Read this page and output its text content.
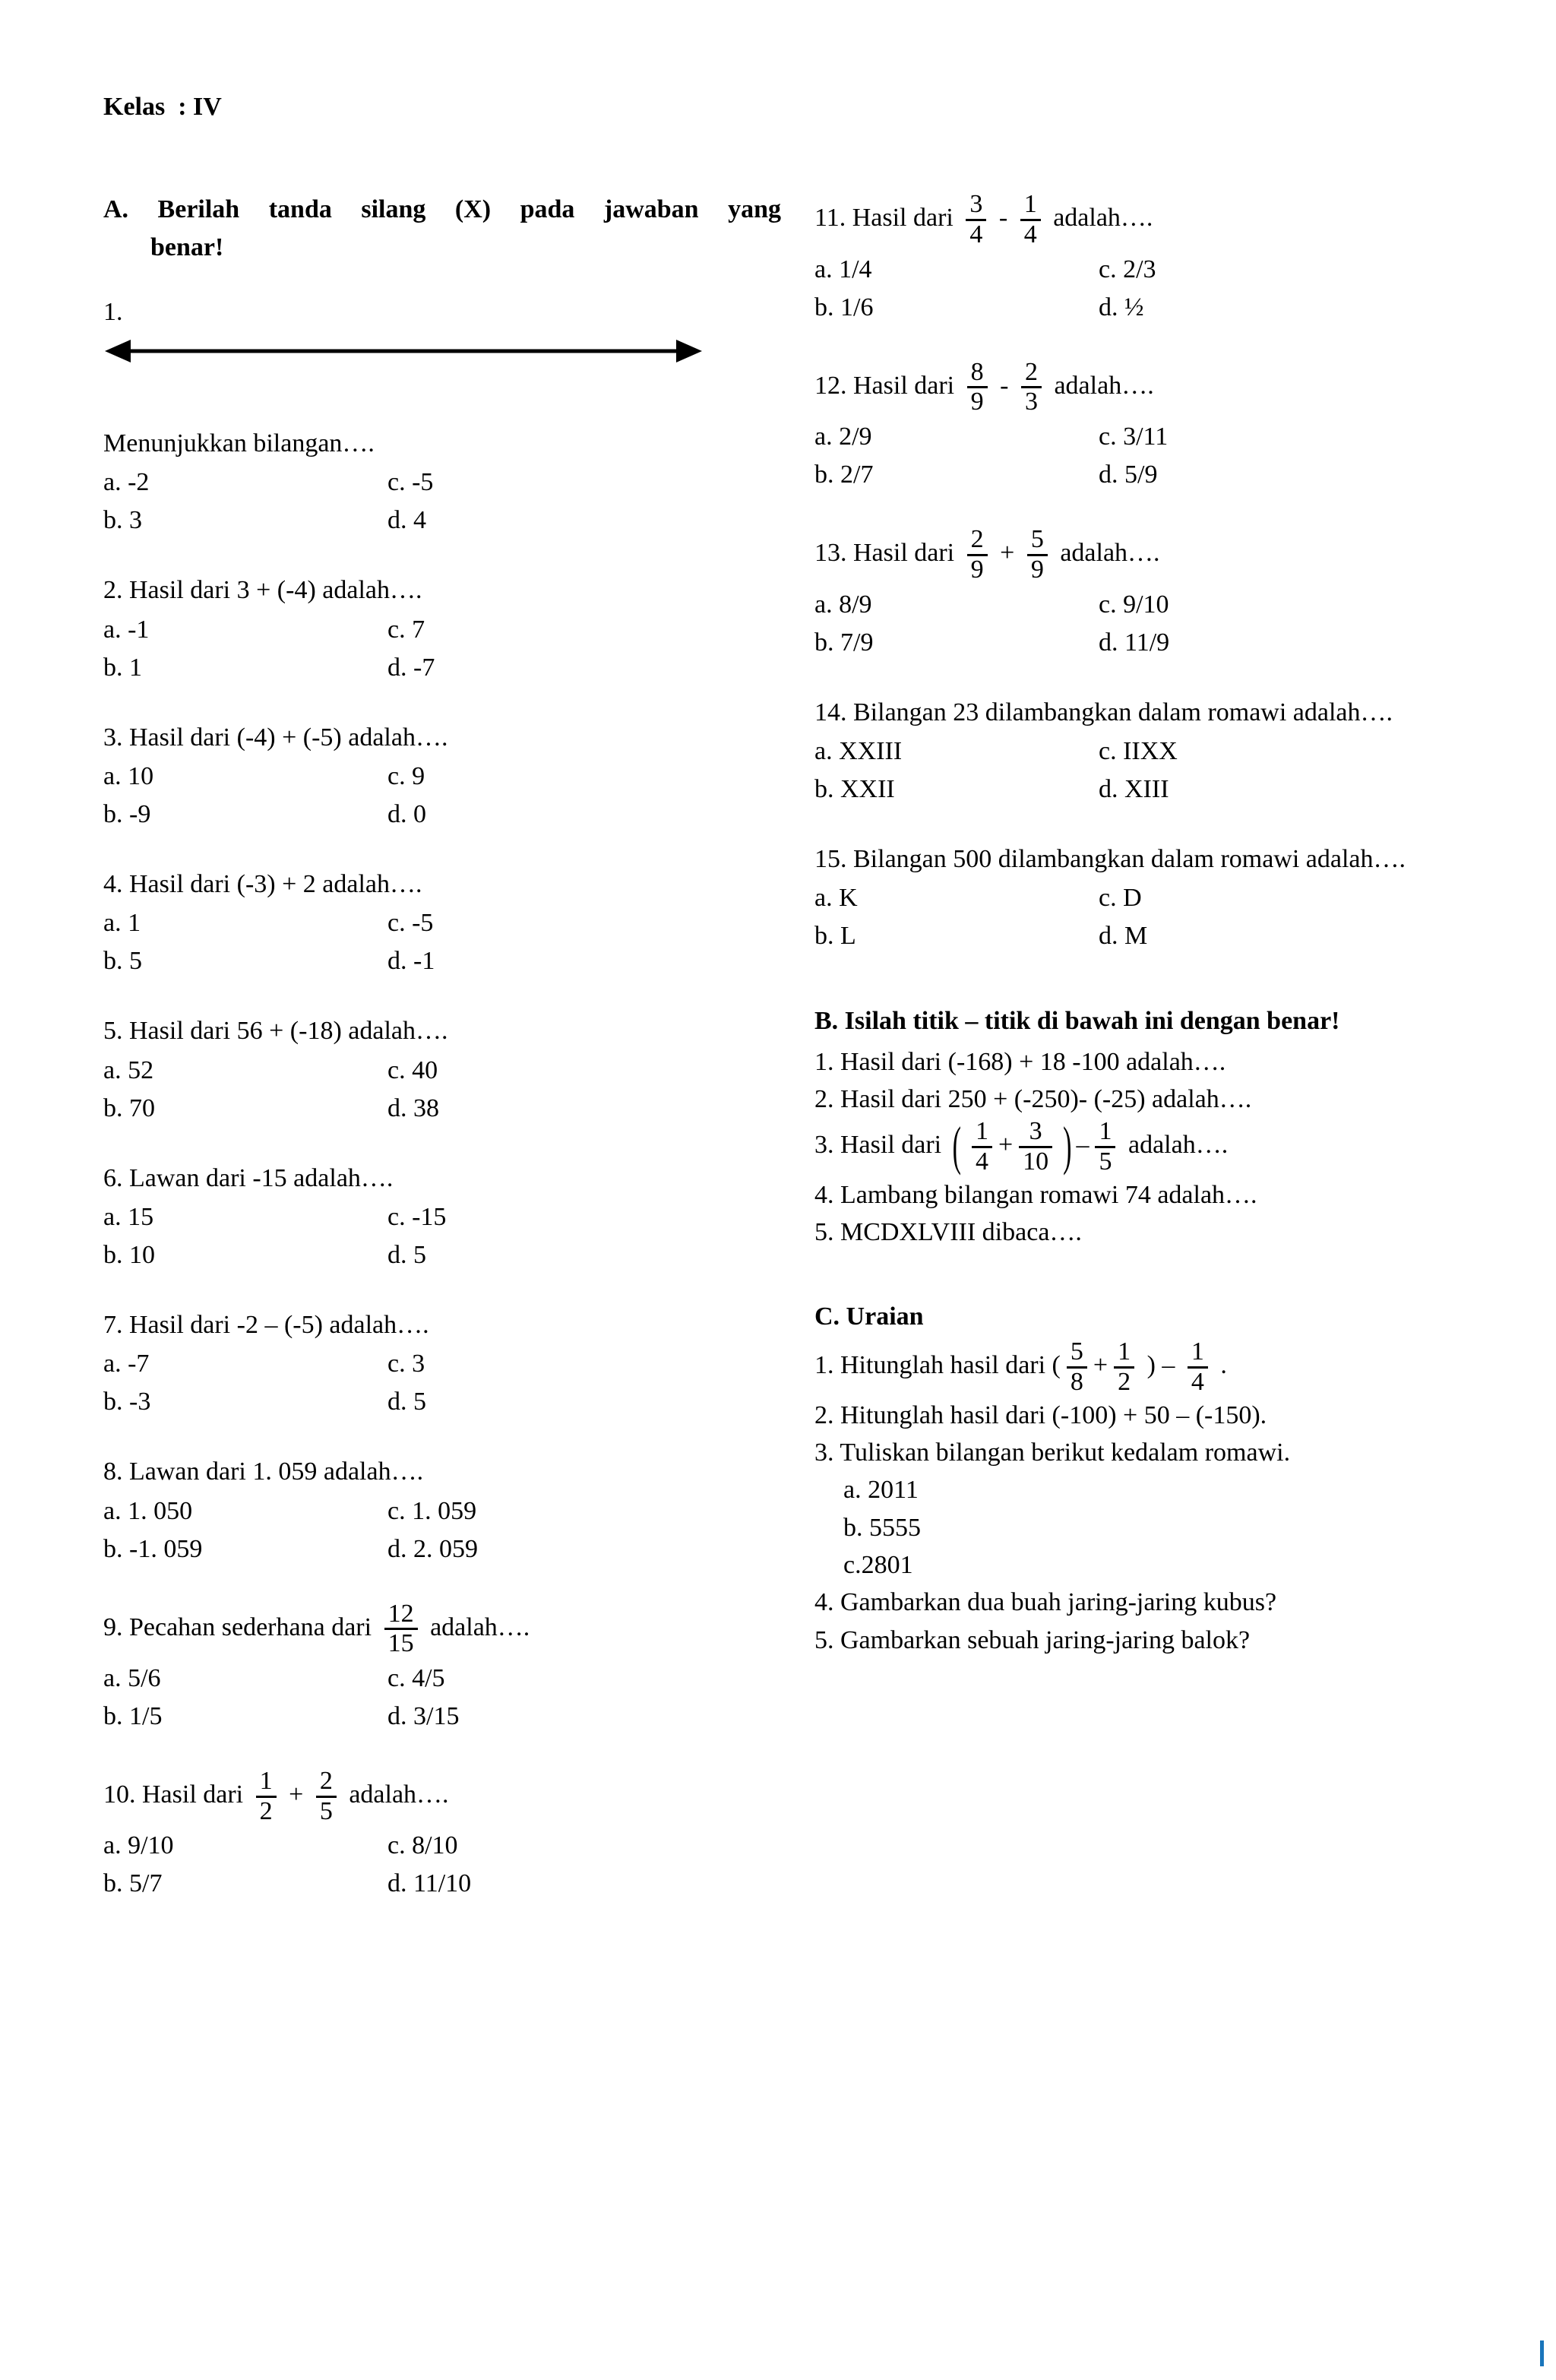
Kelas  : IV

A. Berilah tanda silang (X) pada jawaban yang
benar!

1.

Menunjukkan bilangan….

a. -2	c. -5
b. 3	d. 4

2. Hasil dari 3 + (-4) adalah….

a. -1	c. 7
b. 1	d. -7

3. Hasil dari (-4) + (-5) adalah….

a. 10	c. 9
b. -9	d. 0

4. Hasil dari (-3) + 2 adalah….

a. 1	c. -5
b. 5	d. -1

5. Hasil dari 56 + (-18) adalah….

a. 52	c. 40
b. 70	d. 38

6. Lawan dari -15 adalah….

a. 15	c. -15
b. 10	d. 5

7. Hasil dari -2 – (-5) adalah….

a. -7	c. 3
b. -3	d. 5

8. Lawan dari 1. 059 adalah….

a. 1. 050	c. 1. 059
b. -1. 059	d. 2. 059

9. Pecahan sederhana dari $\frac{12}{15}$ adalah….

a. 5/6	c. 4/5
b. 1/5	d. 3/15

10. Hasil dari $\frac{1}{2} + \frac{2}{5}$ adalah….

a. 9/10	c. 8/10
b. 5/7	d. 11/10

11. Hasil dari $\frac{3}{4} - \frac{1}{4}$ adalah….

a. 1/4	c. 2/3
b. 1/6	d. ½

12. Hasil dari $\frac{8}{9} - \frac{2}{3}$ adalah….

a. 2/9	c. 3/11
b. 2/7	d. 5/9

13. Hasil dari $\frac{2}{9} + \frac{5}{9}$ adalah….

a. 8/9	c. 9/10
b. 7/9	d. 11/9

14. Bilangan 23 dilambangkan dalam romawi adalah….

a. XXIII	c. IIXX
b. XXII	d. XIII

15. Bilangan 500 dilambangkan dalam romawi adalah….

a. K	c. D
b. L	d. M

B. Isilah titik – titik di bawah ini dengan benar!

1. Hasil dari (-168) + 18 -100 adalah….

2. Hasil dari 250 + (-250)- (-25) adalah….

3. Hasil dari ( $\frac{1}{4} + \frac{3}{10}$ ) – $\frac{1}{5}$ adalah….

4. Lambang bilangan romawi 74 adalah….

5. MCDXLVIII dibaca….

C. Uraian

1. Hitunglah hasil dari ( $\frac{5}{8} + \frac{1}{2}$ ) – $\frac{1}{4}$ .

2. Hitunglah hasil dari (-100) + 50 – (-150).

3. Tuliskan bilangan berikut kedalam romawi.

a. 2011

b. 5555

c.2801

4. Gambarkan dua buah jaring-jaring kubus?

5. Gambarkan sebuah jaring-jaring balok?
